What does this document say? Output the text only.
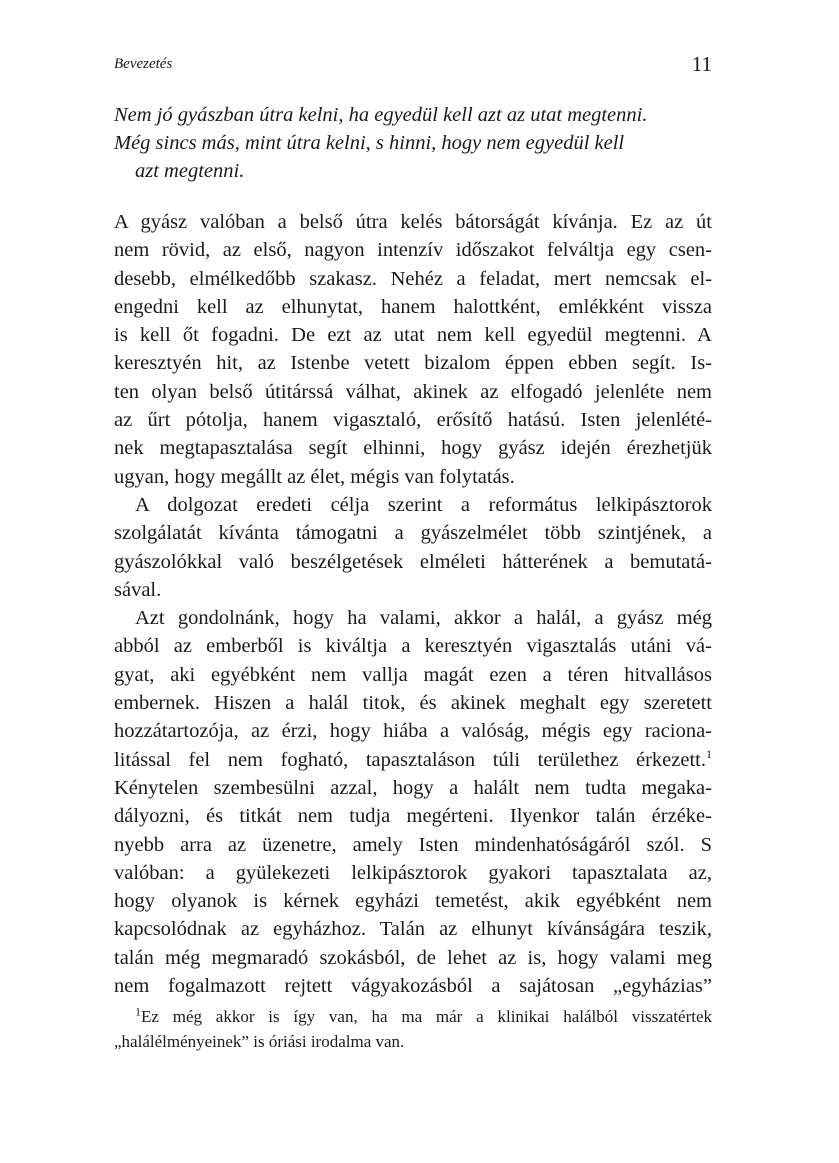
Bevezetés	11
Nem jó gyászban útra kelni, ha egyedül kell azt az utat megtenni.
Még sincs más, mint útra kelni, s hinni, hogy nem egyedül kell
azt megtenni.
A gyász valóban a belső útra kelés bátorságát kívánja. Ez az út
nem rövid, az első, nagyon intenzív időszakot felváltja egy csen-
desebb, elmélkedőbb szakasz. Nehéz a feladat, mert nemcsak el-
engedni kell az elhunytat, hanem halottként, emlékként vissza
is kell őt fogadni. De ezt az utat nem kell egyedül megtenni. A
keresztyén hit, az Istenbe vetett bizalom éppen ebben segít. Is-
ten olyan belső útitárssá válhat, akinek az elfogadó jelenléte nem
az űrt pótolja, hanem vigasztaló, erősítő hatású. Isten jelenlété-
nek megtapasztalása segít elhinni, hogy gyász idején érezhetjük
ugyan, hogy megállt az élet, mégis van folytatás.
A dolgozat eredeti célja szerint a református lelkipásztorok
szolgálatát kívánta támogatni a gyászelmélet több szintjének, a
gyászolókkal való beszélgetések elméleti hátterének a bemutatá-
sával.
Azt gondolnánk, hogy ha valami, akkor a halál, a gyász még
abból az emberből is kiváltja a keresztyén vigasztalás utáni vá-
gyat, aki egyébként nem vallja magát ezen a téren hitvallásos
embernek. Hiszen a halál titok, és akinek meghalt egy szeretett
hozzátartozója, az érzi, hogy hiába a valóság, mégis egy raciona-
litással fel nem fogható, tapasztaláson túli területhez érkezett.$^1$
Kénytelen szembesülni azzal, hogy a halált nem tudta megaka-
dályozni, és titkát nem tudja megérteni. Ilyenkor talán érzéke-
nyebb arra az üzenetre, amely Isten mindenhatóságáról szól. S
valóban: a gyülekezeti lelkipásztorok gyakori tapasztalata az,
hogy olyanok is kérnek egyházi temetést, akik egyébként nem
kapcsolódnak az egyházhoz. Talán az elhunyt kívánságára teszik,
talán még megmaradó szokásból, de lehet az is, hogy valami meg
nem fogalmazott rejtett vágyakozásból a sajátosan „egyházias”
$^1$Ez még akkor is így van, ha ma már a klinikai halálból visszatértek
„halálélményeinek” is óriási irodalma van.
